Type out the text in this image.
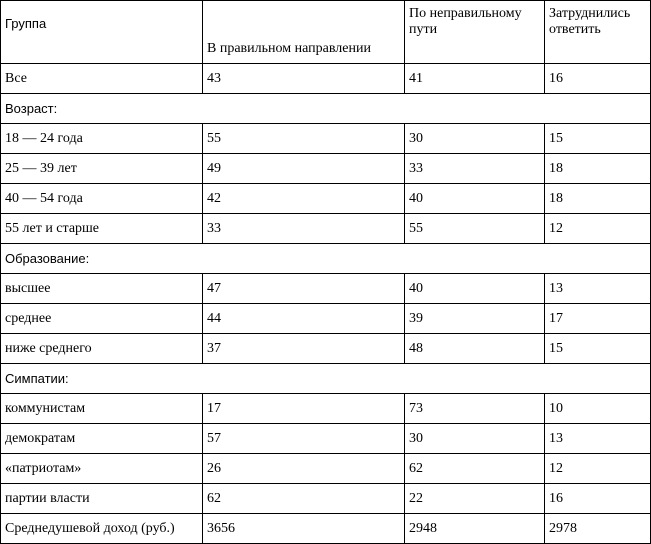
Группа	В правильном направлении	По неправильному пути	Затруднились ответить
Все	43	41	16
Возраст:			
18 — 24 года	55	30	15
25 — 39 лет	49	33	18
40 — 54 года	42	40	18
55 лет и старше	33	55	12
Образование:			
высшее	47	40	13
среднее	44	39	17
ниже среднего	37	48	15
Симпатии:			
коммунистам	17	73	10
демократам	57	30	13
«патриотам»	26	62	12
партии власти	62	22	16
Среднедушевой доход (руб.)	3656	2948	2978
